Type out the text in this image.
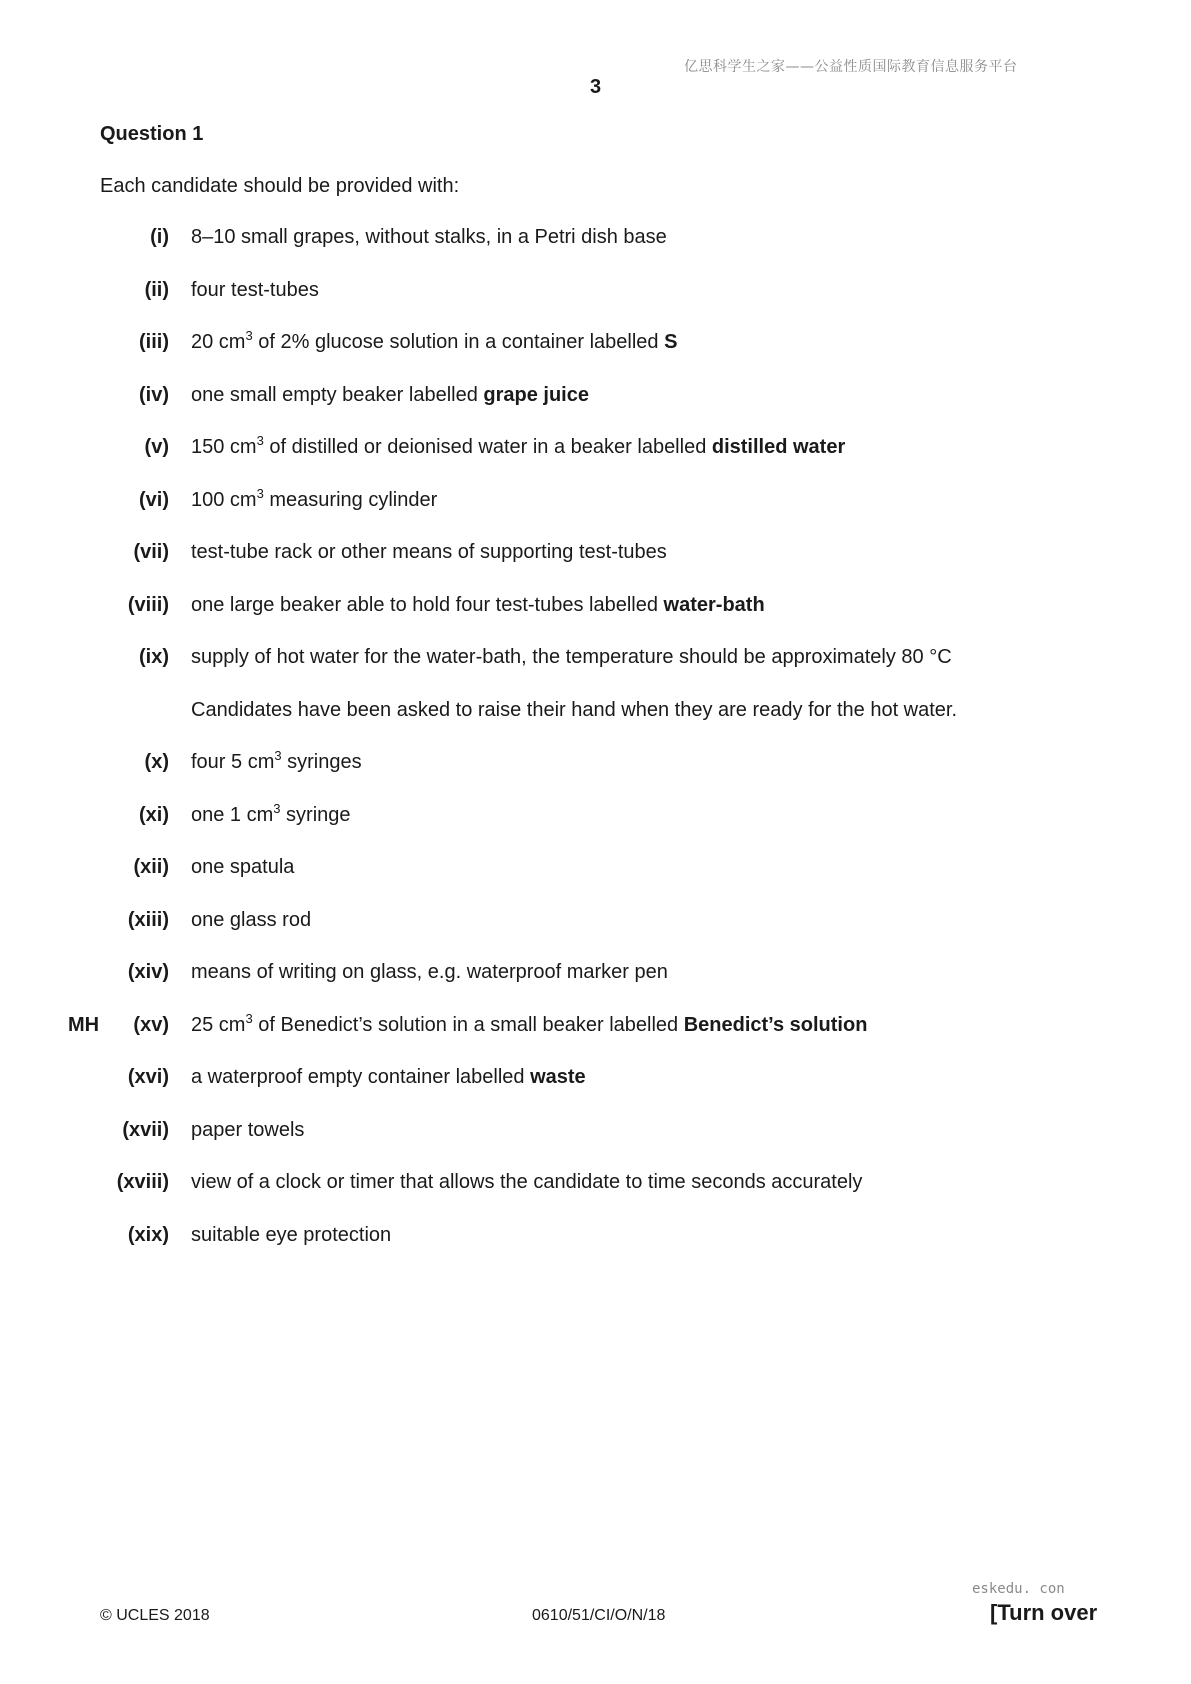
亿思科学生之家——公益性质国际教育信息服务平台
3
Question 1
Each candidate should be provided with:
(i) 8–10 small grapes, without stalks, in a Petri dish base
(ii) four test-tubes
(iii) 20 $cm^3$ of 2% glucose solution in a container labelled S
(iv) one small empty beaker labelled grape juice
(v) 150 $cm^3$ of distilled or deionised water in a beaker labelled distilled water
(vi) 100 $cm^3$ measuring cylinder
(vii) test-tube rack or other means of supporting test-tubes
(viii) one large beaker able to hold four test-tubes labelled water-bath
(ix) supply of hot water for the water-bath, the temperature should be approximately 80 °C
Candidates have been asked to raise their hand when they are ready for the hot water.
(x) four 5 $cm^3$ syringes
(xi) one 1 $cm^3$ syringe
(xii) one spatula
(xiii) one glass rod
(xiv) means of writing on glass, e.g. waterproof marker pen
MH (xv) 25 $cm^3$ of Benedict’s solution in a small beaker labelled Benedict’s solution
(xvi) a waterproof empty container labelled waste
(xvii) paper towels
(xviii) view of a clock or timer that allows the candidate to time seconds accurately
(xix) suitable eye protection
© UCLES 2018	0610/51/CI/O/N/18
eskedu. con
[Turn over
